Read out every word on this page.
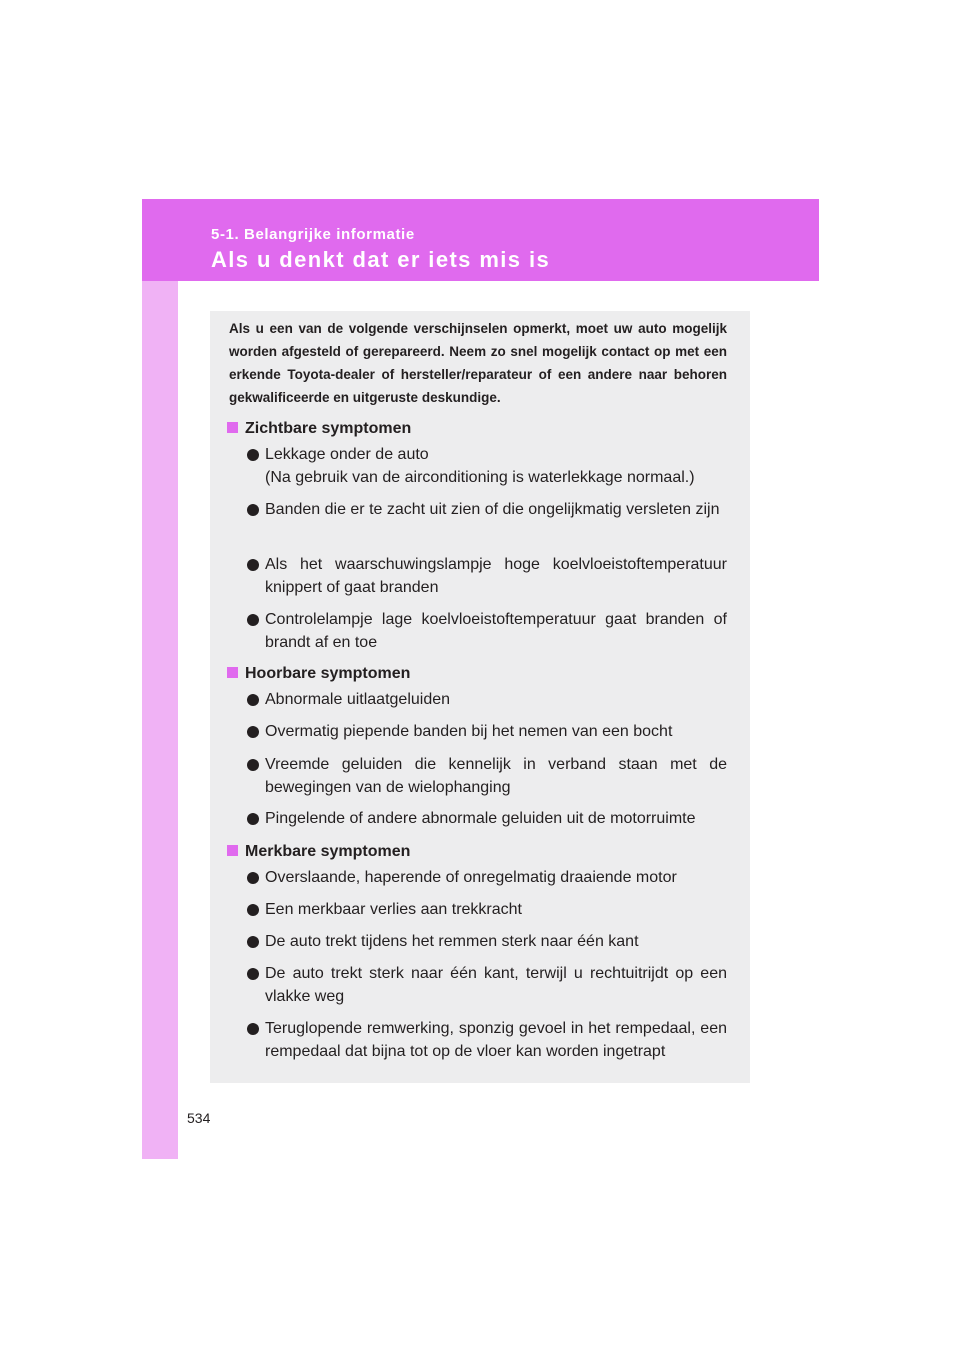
5-1. Belangrijke informatie
Als u denkt dat er iets mis is

Als u een van de volgende verschijnselen opmerkt, moet uw auto mogelijk worden afgesteld of gerepareerd. Neem zo snel mogelijk contact op met een erkende Toyota-dealer of hersteller/reparateur of een andere naar behoren gekwalificeerde en uitgeruste deskundige.

Zichtbare symptomen
Lekkage onder de auto
(Na gebruik van de airconditioning is waterlekkage normaal.)
Banden die er te zacht uit zien of die ongelijkmatig versleten zijn
Als het waarschuwingslampje hoge koelvloeistoftemperatuur knippert of gaat branden
Controlelampje lage koelvloeistoftemperatuur gaat branden of brandt af en toe
Hoorbare symptomen
Abnormale uitlaatgeluiden
Overmatig piepende banden bij het nemen van een bocht
Vreemde geluiden die kennelijk in verband staan met de bewegingen van de wielophanging
Pingelende of andere abnormale geluiden uit de motorruimte
Merkbare symptomen
Overslaande, haperende of onregelmatig draaiende motor
Een merkbaar verlies aan trekkracht
De auto trekt tijdens het remmen sterk naar één kant
De auto trekt sterk naar één kant, terwijl u rechtuitrijdt op een vlakke weg
Teruglopende remwerking, sponzig gevoel in het rempedaal, een rempedaal dat bijna tot op de vloer kan worden ingetrapt
534
